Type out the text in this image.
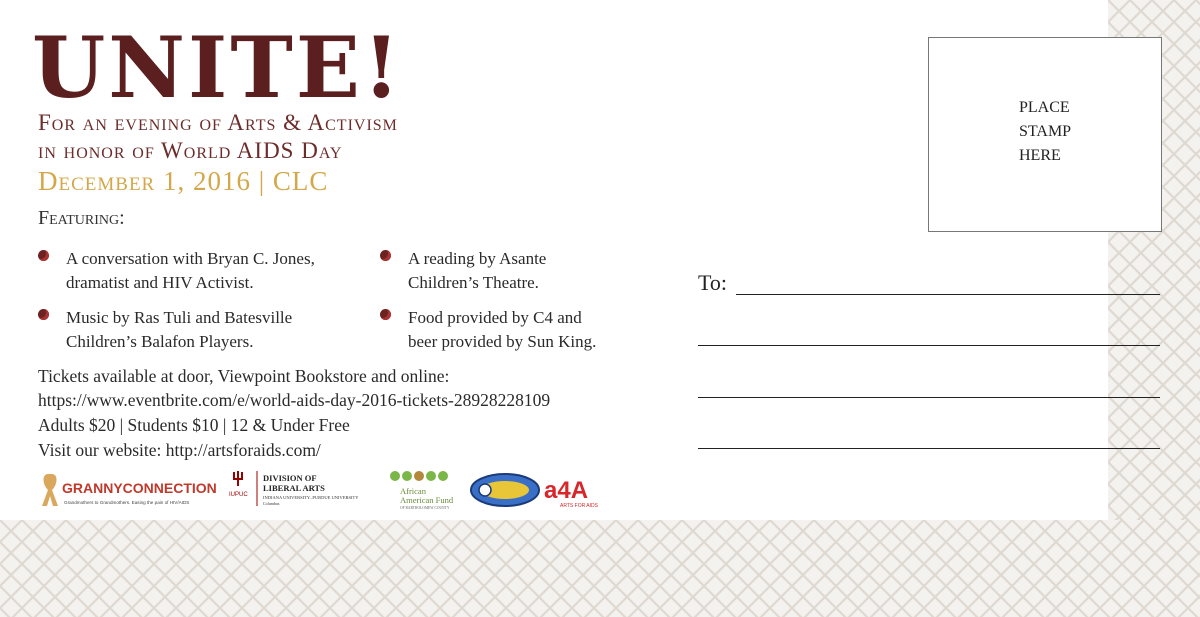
UNITE!
For an evening of Arts & Activism
in honor of World AIDS Day
December 1, 2016 | CLC
Featuring:
A conversation with Bryan C. Jones,
dramatist and HIV Activist.
A reading by Asante
Children’s Theatre.
Music by Ras Tuli and Batesville
Children’s Balafon Players.
Food provided by C4 and
beer provided by Sun King.
Tickets available at door, Viewpoint Bookstore and online:
https://www.eventbrite.com/e/world-aids-day-2016-tickets-28928228109
Adults $20 | Students $10 | 12 & Under Free
Visit our website: http://artsforaids.com/
GRANNYCONNECTION
Grandmothers to Grandmothers. Easing the pain of HIV/AIDS
IUPUC
DIVISION OF
LIBERAL ARTS
INDIANA UNIVERSITY–PURDUE UNIVERSITY
Columbus
African
American Fund
OF BARTHOLOMEW COUNTY
a4A
ARTS FOR AIDS
PLACE
STAMP
HERE
To:
